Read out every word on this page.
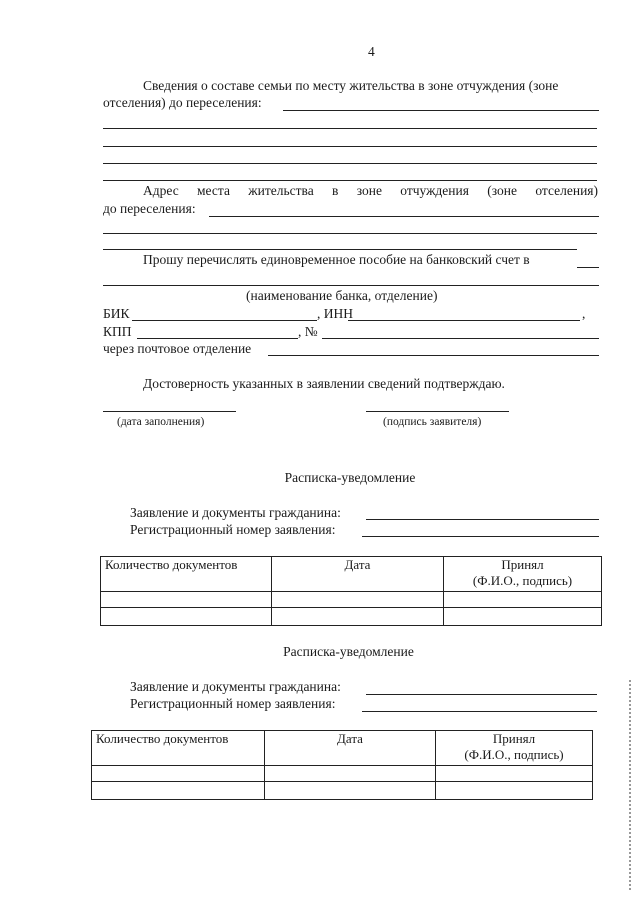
4
Сведения о составе семьи по месту жительства в зоне отчуждения (зоне
отселения) до переселения:
Адрес места жительства в зоне отчуждения (зоне отселения)
до переселения:
Прошу перечислять единовременное пособие на банковский счет в
(наименование банка, отделение)
БИК	, ИНН	,
КПП	, №
через почтовое отделение
Достоверность указанных в заявлении сведений подтверждаю.
(дата заполнения)	(подпись заявителя)
Расписка-уведомление
Заявление и документы гражданина:
Регистрационный номер заявления:
Количество документов	Дата	Принял
(Ф.И.О., подпись)

Расписка-уведомление
Заявление и документы гражданина:
Регистрационный номер заявления:
Количество документов	Дата	Принял
(Ф.И.О., подпись)
